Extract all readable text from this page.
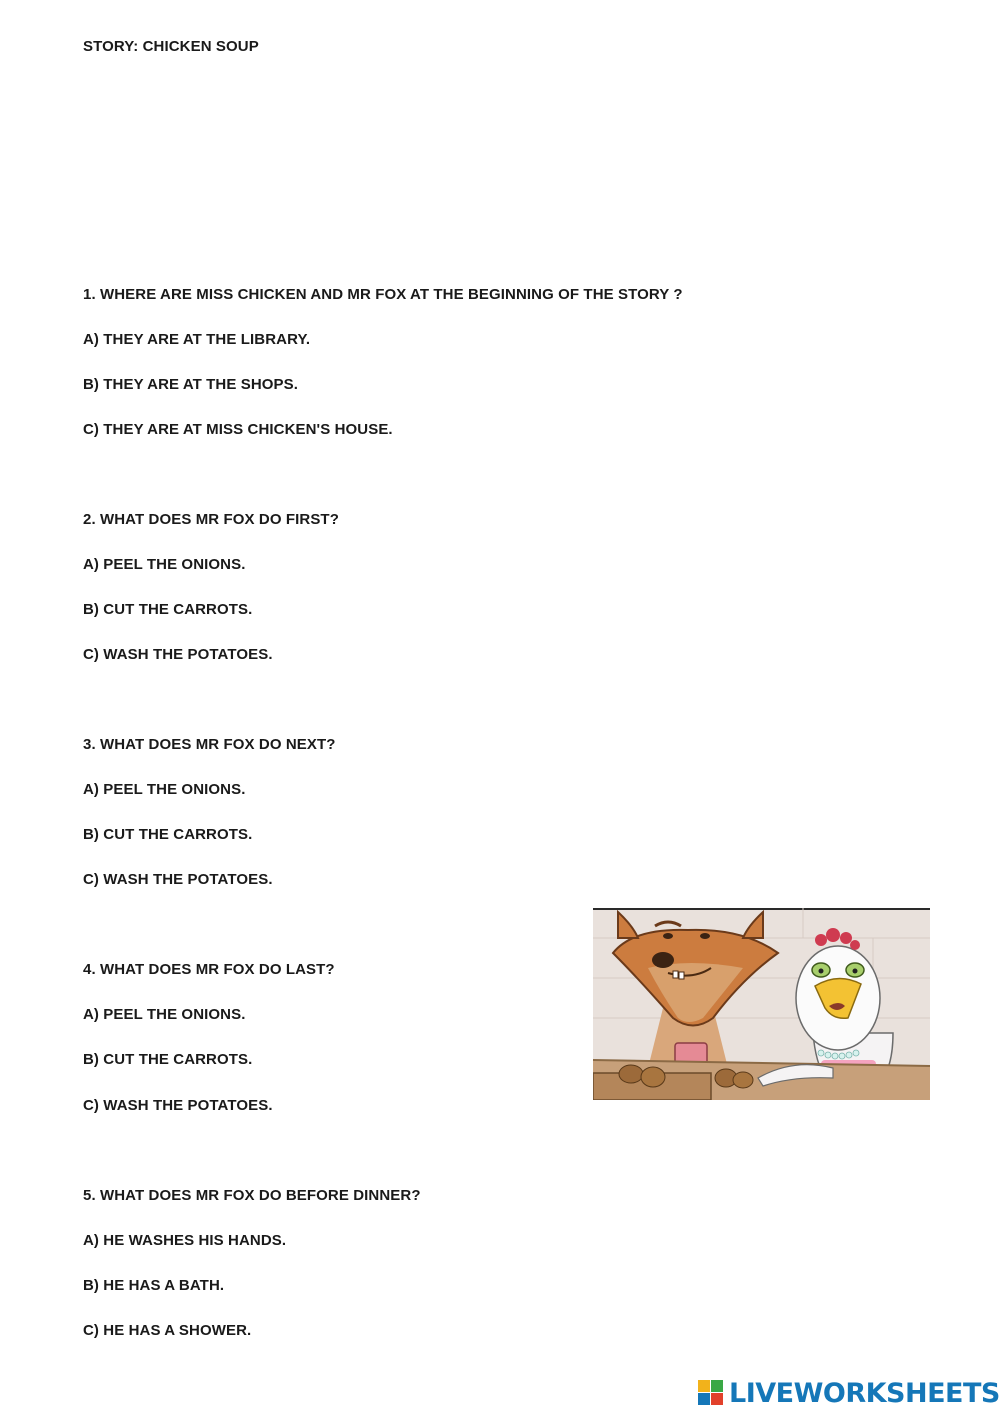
STORY: CHICKEN SOUP
1. WHERE ARE MISS CHICKEN AND MR FOX AT THE BEGINNING OF THE STORY ?
A) THEY ARE AT THE LIBRARY.
B) THEY ARE AT THE SHOPS.
C) THEY ARE AT MISS CHICKEN'S HOUSE.
2. WHAT DOES MR FOX DO FIRST?
A) PEEL THE ONIONS.
B) CUT THE CARROTS.
C) WASH THE POTATOES.
3. WHAT DOES MR FOX DO NEXT?
A) PEEL THE ONIONS.
B) CUT THE CARROTS.
C) WASH THE POTATOES.
4. WHAT DOES MR FOX DO LAST?
A) PEEL THE ONIONS.
B) CUT THE CARROTS.
C) WASH THE POTATOES.
5. WHAT DOES MR FOX DO BEFORE DINNER?
A) HE WASHES HIS HANDS.
B) HE HAS A BATH.
C) HE HAS A SHOWER.
LIVEWORKSHEETS
